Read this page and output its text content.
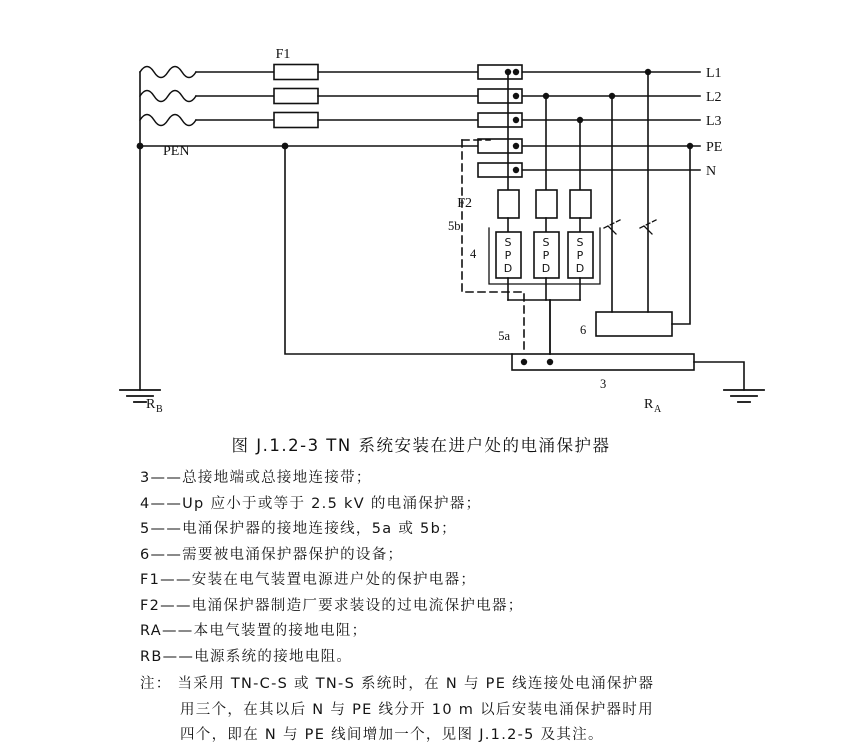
L1
L2
L3
PE
N
F1
F2
PEN
5b
5a
4
6
3
S
P
D
S
P
D
S
P
D
R B	R A
图 J.1.2-3 TN 系统安装在进户处的电涌保护器
3——总接地端或总接地连接带；
4——Up 应小于或等于 2.5 kV 的电涌保护器；
5——电涌保护器的接地连接线，5a 或 5b；
6——需要被电涌保护器保护的设备；
F1——安装在电气装置电源进户处的保护电器；
F2——电涌保护器制造厂要求装设的过电流保护电器；
RA——本电气装置的接地电阻；
RB——电源系统的接地电阻。
注： 当采用 TN-C-S 或 TN-S 系统时，在 N 与 PE 线连接处电涌保护器
用三个，在其以后 N 与 PE 线分开 10 m 以后安装电涌保护器时用
四个，即在 N 与 PE 线间增加一个，见图 J.1.2-5 及其注。
